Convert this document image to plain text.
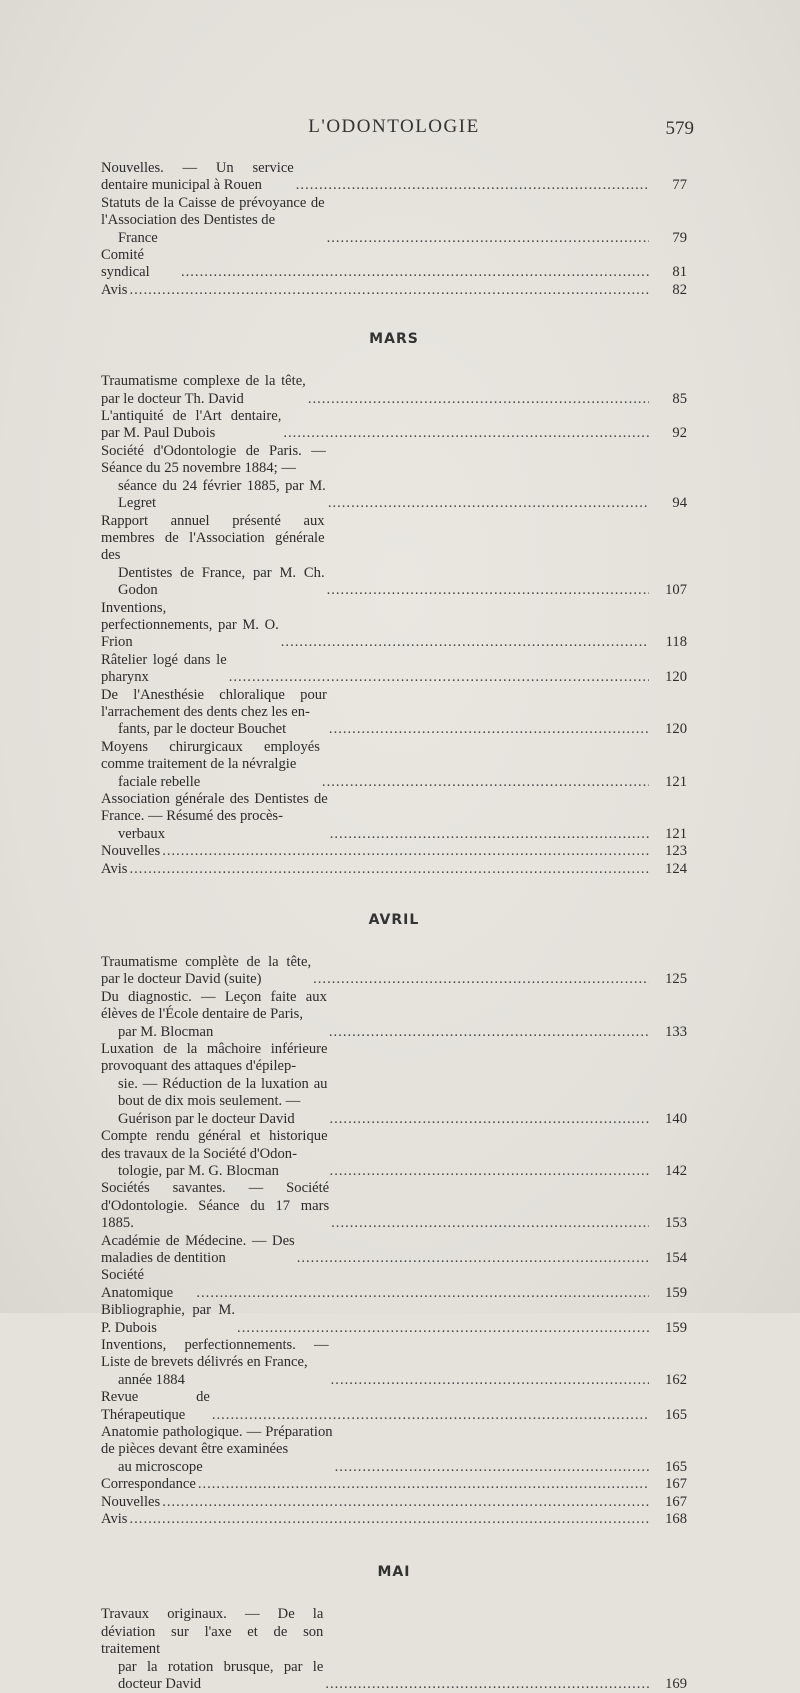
L'ODONTOLOGIE	579
Nouvelles. — Un service dentaire municipal à Rouen .....	77
Statuts de la Caisse de prévoyance de l'Association des Dentistes de
France .....	79
Comité syndical .....	81
Avis .....	82
MARS
Traumatisme complexe de la tête, par le docteur Th. David .....	85
L'antiquité de l'Art dentaire, par M. Paul Dubois .....	92
Société d'Odontologie de Paris. — Séance du 25 novembre 1884; —
séance du 24 février 1885, par M. Legret .....	94
Rapport annuel présenté aux membres de l'Association générale des
Dentistes de France, par M. Ch. Godon .....	107
Inventions, perfectionnements, par M. O. Frion .....	118
Râtelier logé dans le pharynx .....	120
De l'Anesthésie chloralique pour l'arrachement des dents chez les en-
fants, par le docteur Bouchet .....	120
Moyens chirurgicaux employés comme traitement de la névralgie
faciale rebelle .....	121
Association générale des Dentistes de France. — Résumé des procès-
verbaux .....	121
Nouvelles .....	123
Avis .....	124
AVRIL
Traumatisme complète de la tête, par le docteur David (suite) .....	125
Du diagnostic. — Leçon faite aux élèves de l'École dentaire de Paris,
par M. Blocman .....	133
Luxation de la mâchoire inférieure provoquant des attaques d'épilep-
sie. — Réduction de la luxation au bout de dix mois seulement. —
Guérison par le docteur David .....	140
Compte rendu général et historique des travaux de la Société d'Odon-
tologie, par M. G. Blocman .....	142
Sociétés savantes. — Société d'Odontologie. Séance du 17 mars 1885. .....	153
Académie de Médecine. — Des maladies de dentition .....	154
Société Anatomique .....	159
Bibliographie, par M. P. Dubois .....	159
Inventions, perfectionnements. — Liste de brevets délivrés en France,
année 1884 .....	162
Revue de Thérapeutique .....	165
Anatomie pathologique. — Préparation de pièces devant être examinées
au microscope .....	165
Correspondance .....	167
Nouvelles .....	167
Avis .....	168
MAI
Travaux originaux. — De la déviation sur l'axe et de son traitement
par la rotation brusque, par le docteur David .....	169
